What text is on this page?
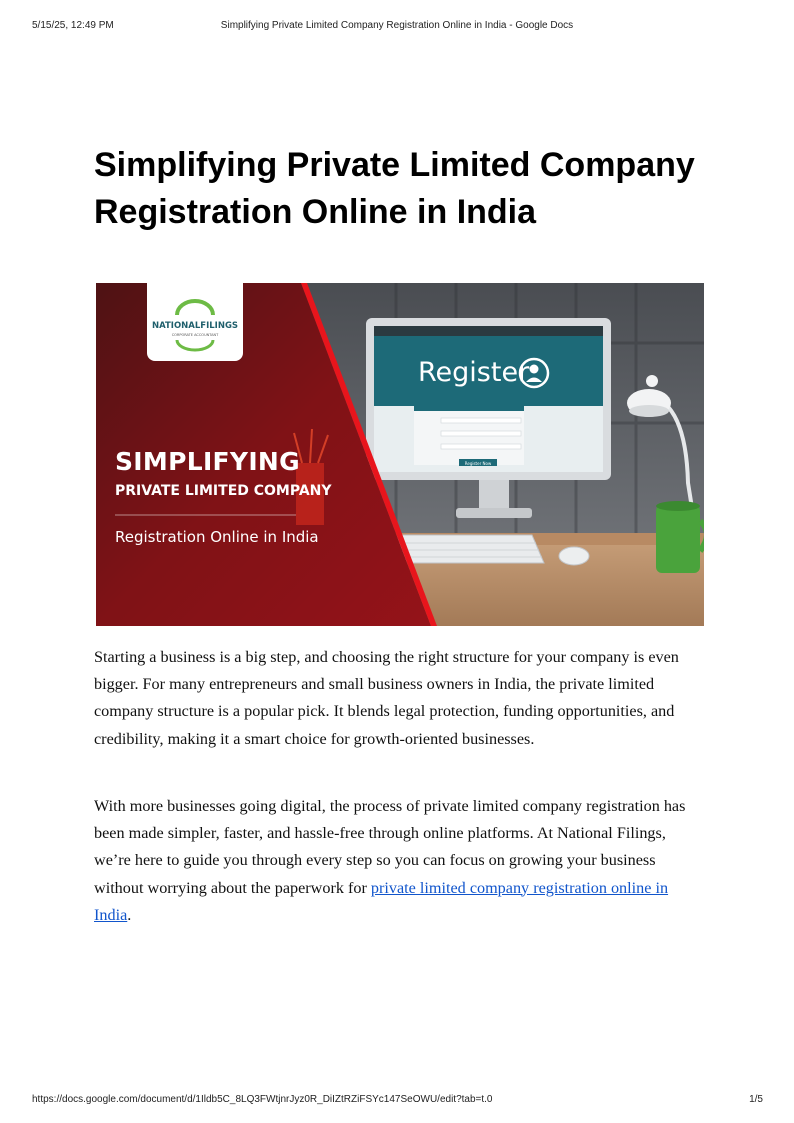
5/15/25, 12:49 PM	Simplifying Private Limited Company Registration Online in India - Google Docs
Simplifying Private Limited Company Registration Online in India
NATIONALFILINGS
CORPORATE ACCOUNTANT
Register
Register Now
SIMPLIFYING
PRIVATE LIMITED COMPANY
Registration Online in India

Starting a business is a big step, and choosing the right structure for your company is even bigger. For many entrepreneurs and small business owners in India, the private limited company structure is a popular pick. It blends legal protection, funding opportunities, and credibility, making it a smart choice for growth-oriented businesses.

With more businesses going digital, the process of private limited company registration has been made simpler, faster, and hassle-free through online platforms. At National Filings, we’re here to guide you through every step so you can focus on growing your business without worrying about the paperwork for private limited company registration online in India.

https://docs.google.com/document/d/1Ildb5C_8LQ3FWtjnrJyz0R_DiIZtRZiFSYc147SeOWU/edit?tab=t.0	1/5
